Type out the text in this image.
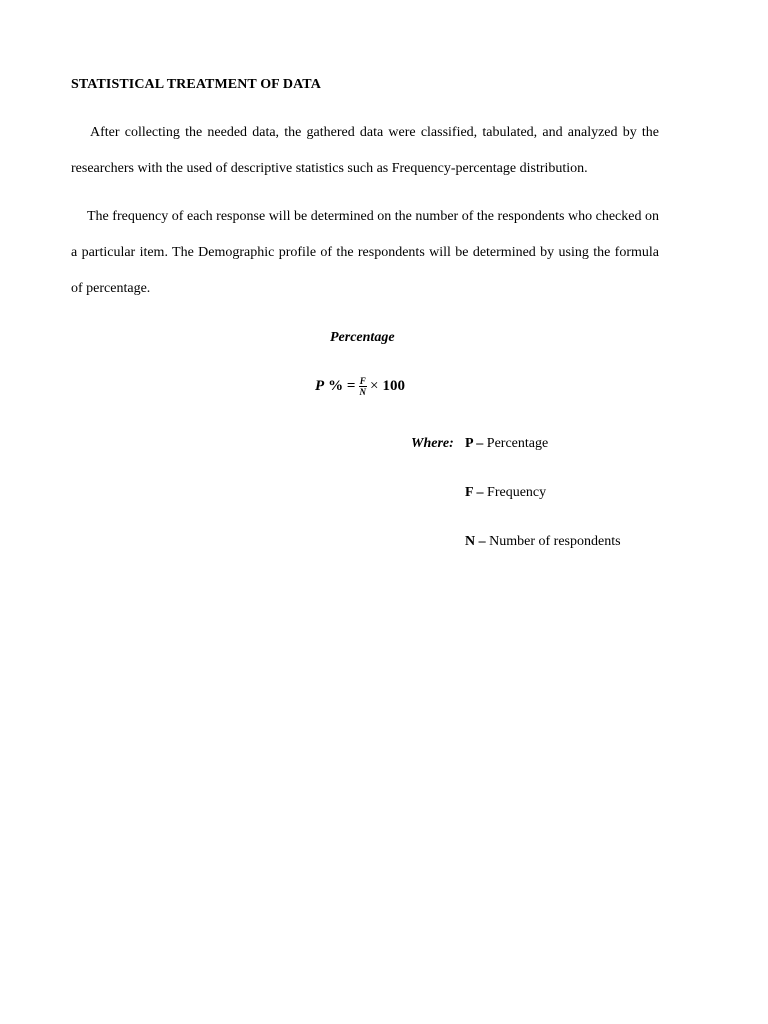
STATISTICAL TREATMENT OF DATA

After collecting the needed data, the gathered data were classified, tabulated, and analyzed by the researchers with the used of descriptive statistics such as Frequency-percentage distribution.

The frequency of each response will be determined on the number of the respondents who checked on a particular item. The Demographic profile of the respondents will be determined by using the formula of percentage.

Percentage
P % = $\frac{F}{N} \times 100$
Where: P – Percentage
F – Frequency
N – Number of respondents
